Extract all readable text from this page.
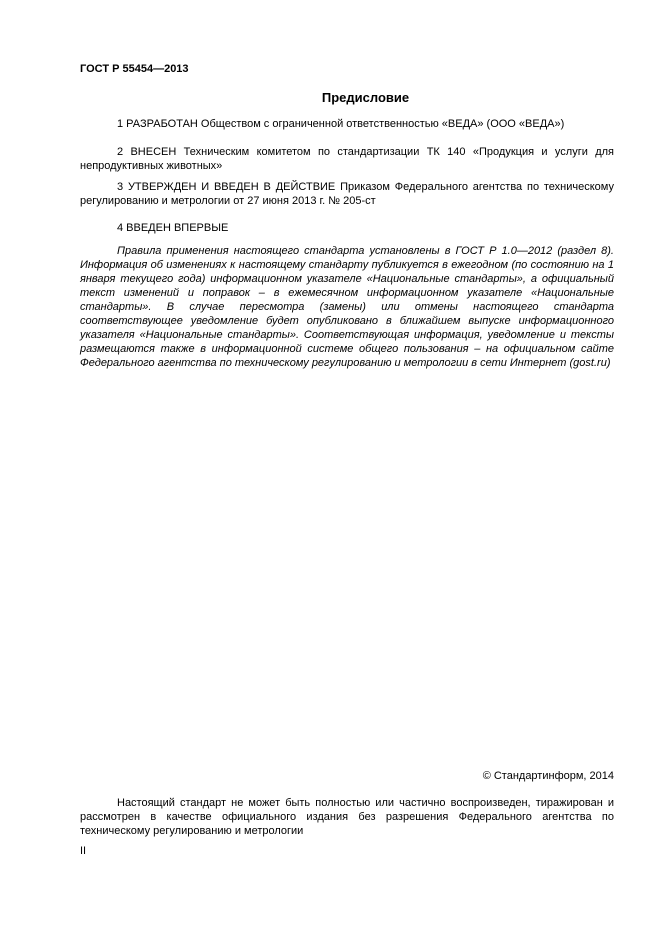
ГОСТ Р 55454—2013
Предисловие
1 РАЗРАБОТАН Обществом с ограниченной ответственностью «ВЕДА» (ООО «ВЕДА»)
2 ВНЕСЕН Техническим комитетом по стандартизации ТК 140 «Продукция и услуги для непродуктивных животных»
3 УТВЕРЖДЕН И ВВЕДЕН В ДЕЙСТВИЕ Приказом Федерального агентства по техническому регулированию и метрологии от 27 июня 2013 г. № 205-ст
4 ВВЕДЕН ВПЕРВЫЕ
Правила применения настоящего стандарта установлены в ГОСТ Р 1.0—2012 (раздел 8). Информация об изменениях к настоящему стандарту публикуется в ежегодном (по состоянию на 1 января текущего года) информационном указателе «Национальные стандарты», а официальный текст изменений и поправок – в ежемесячном информационном указателе «Национальные стандарты». В случае пересмотра (замены) или отмены настоящего стандарта соответствующее уведомление будет опубликовано в ближайшем выпуске информационного указателя «Национальные стандарты». Соответствующая информация, уведомление и тексты размещаются также в информационной системе общего пользования – на официальном сайте Федерального агентства по техническому регулированию и метрологии в сети Интернет (gost.ru)
© Стандартинформ, 2014
Настоящий стандарт не может быть полностью или частично воспроизведен, тиражирован и рассмотрен в качестве официального издания без разрешения Федерального агентства по техническому регулированию и метрологии
II
